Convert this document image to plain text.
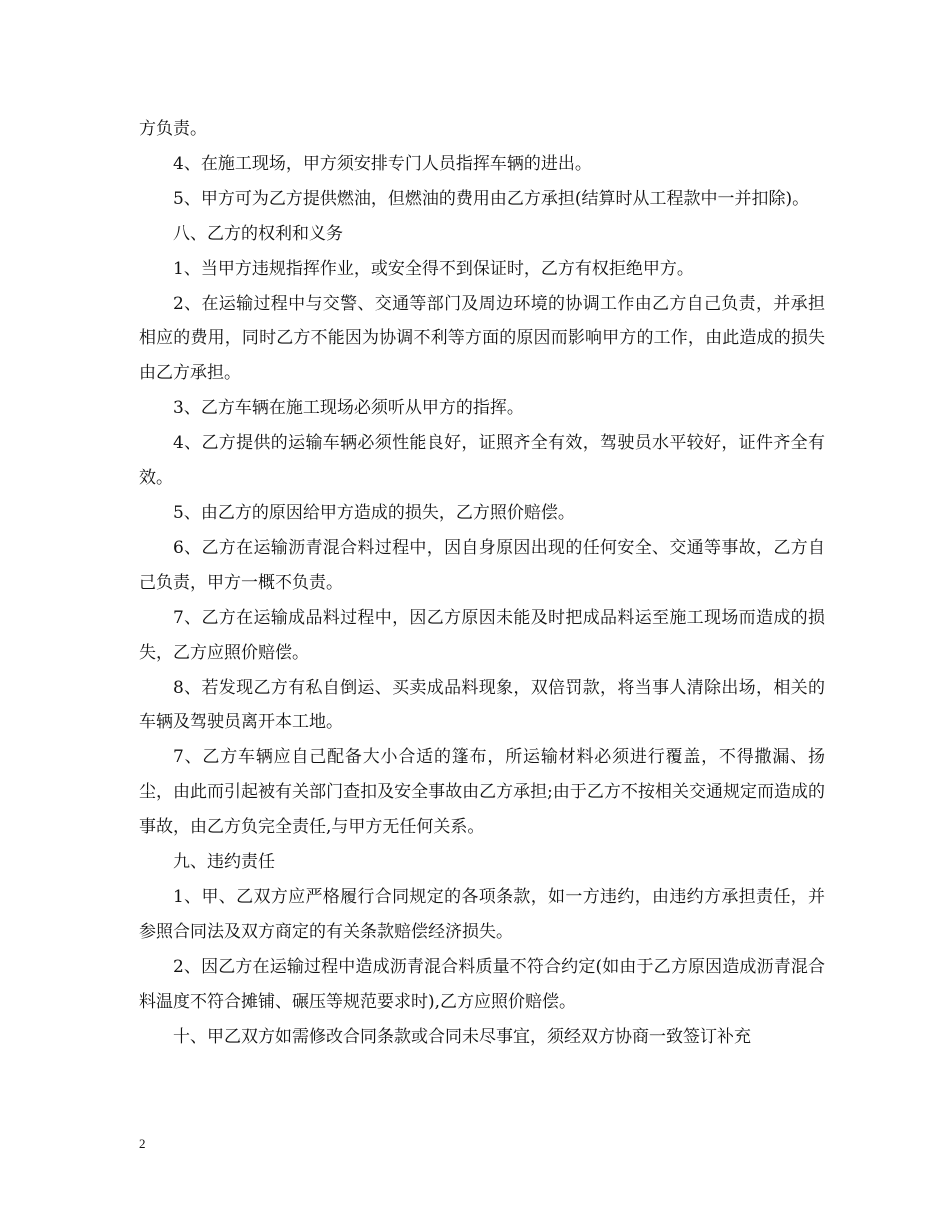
方负责。

4、在施工现场，甲方须安排专门人员指挥车辆的进出。

5、甲方可为乙方提供燃油，但燃油的费用由乙方承担(结算时从工程款中一并扣除)。

八、乙方的权利和义务

1、当甲方违规指挥作业，或安全得不到保证时，乙方有权拒绝甲方。

2、在运输过程中与交警、交通等部门及周边环境的协调工作由乙方自己负责，并承担相应的费用，同时乙方不能因为协调不利等方面的原因而影响甲方的工作，由此造成的损失由乙方承担。

3、乙方车辆在施工现场必须听从甲方的指挥。

4、乙方提供的运输车辆必须性能良好，证照齐全有效，驾驶员水平较好，证件齐全有效。

5、由乙方的原因给甲方造成的损失，乙方照价赔偿。

6、乙方在运输沥青混合料过程中，因自身原因出现的任何安全、交通等事故，乙方自己负责，甲方一概不负责。

7、乙方在运输成品料过程中，因乙方原因未能及时把成品料运至施工现场而造成的损失，乙方应照价赔偿。

8、若发现乙方有私自倒运、买卖成品料现象，双倍罚款，将当事人清除出场，相关的车辆及驾驶员离开本工地。

7、乙方车辆应自己配备大小合适的篷布，所运输材料必须进行覆盖，不得撒漏、扬尘，由此而引起被有关部门查扣及安全事故由乙方承担;由于乙方不按相关交通规定而造成的事故，由乙方负完全责任,与甲方无任何关系。

九、违约责任

1、甲、乙双方应严格履行合同规定的各项条款，如一方违约，由违约方承担责任，并参照合同法及双方商定的有关条款赔偿经济损失。

2、因乙方在运输过程中造成沥青混合料质量不符合约定(如由于乙方原因造成沥青混合料温度不符合摊铺、碾压等规范要求时),乙方应照价赔偿。

十、甲乙双方如需修改合同条款或合同未尽事宜，须经双方协商一致签订补充

2
